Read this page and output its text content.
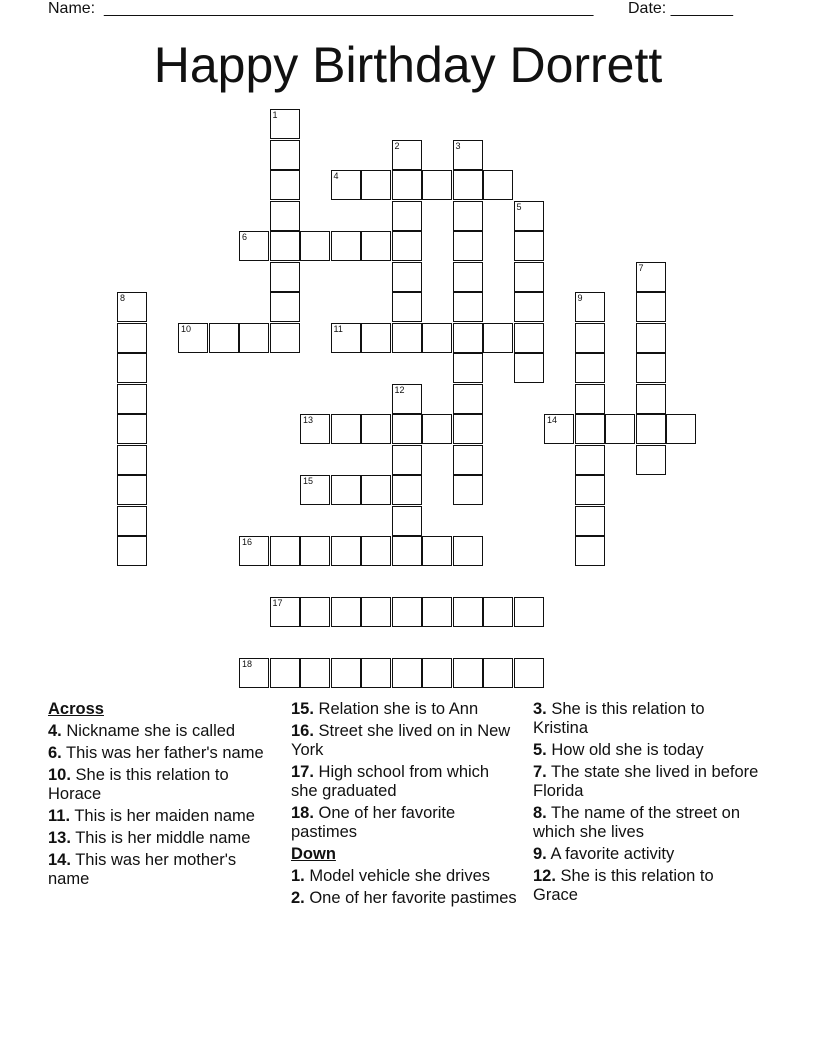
Name: _______________________________________________________ Date: _______
Happy Birthday Dorrett
1
2	3
4
5
6
7
8	9
10	11
12
13	14
15
16
17
18
Across
4. Nickname she is called
6. This was her father's name
10. She is this relation to Horace
11. This is her maiden name
13. This is her middle name
14. This was her mother's name
15. Relation she is to Ann
16. Street she lived on in New York
17. High school from which she graduated
18. One of her favorite pastimes
Down
1. Model vehicle she drives
2. One of her favorite pastimes
3. She is this relation to Kristina
5. How old she is today
7. The state she lived in before Florida
8. The name of the street on which she lives
9. A favorite activity
12. She is this relation to Grace
